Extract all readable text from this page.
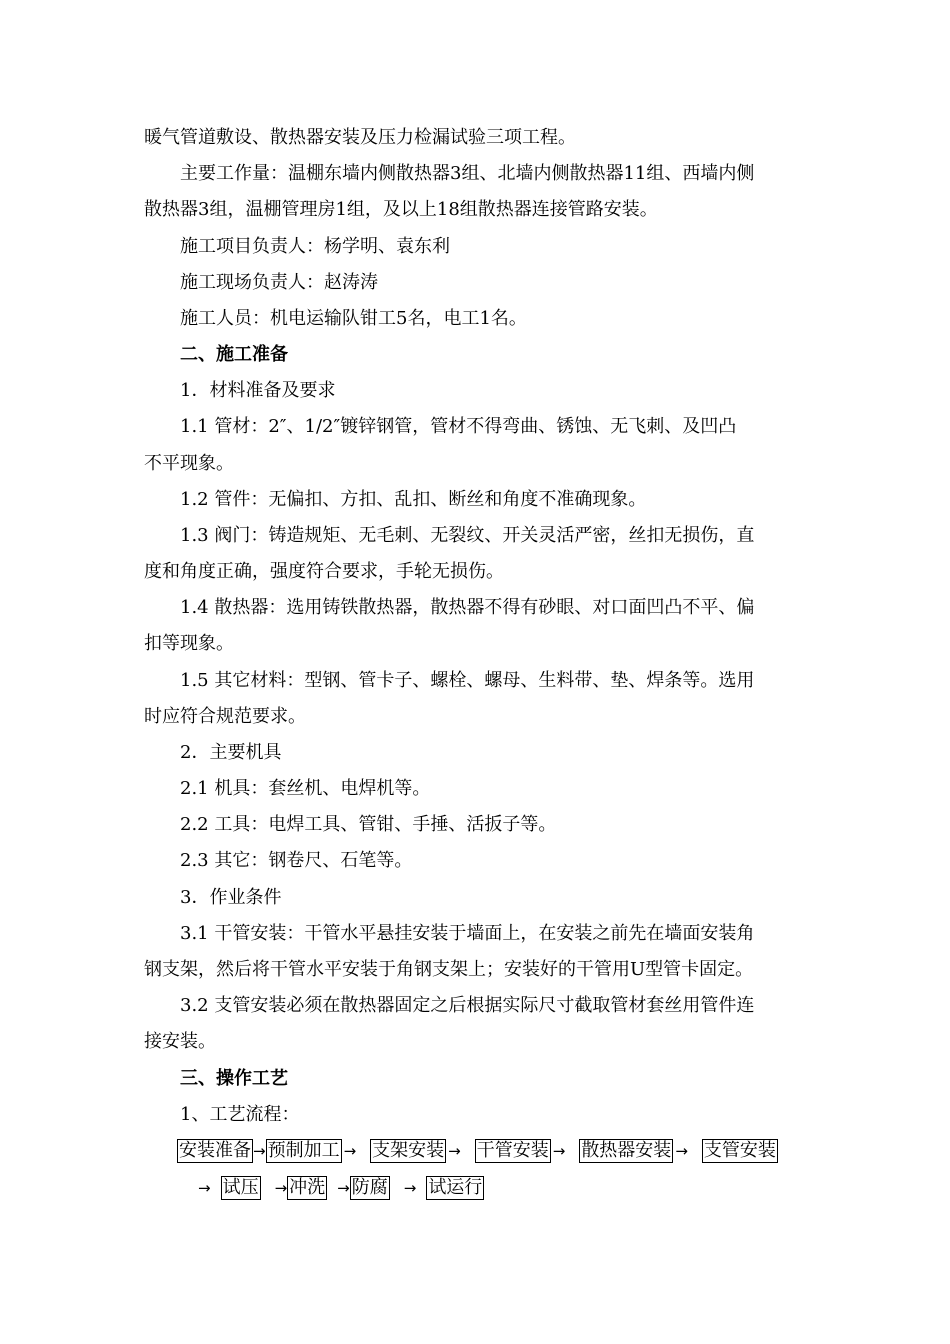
暖气管道敷设、散热器安装及压力检漏试验三项工程。
主要工作量：温棚东墙内侧散热器3组、北墙内侧散热器11组、西墙内侧
散热器3组，温棚管理房1组，及以上18组散热器连接管路安装。
施工项目负责人：杨学明、袁东利
施工现场负责人：赵涛涛
施工人员：机电运输队钳工5名，电工1名。
二、施工准备
1．材料准备及要求
1.1 管材：2″、1/2″镀锌钢管，管材不得弯曲、锈蚀、无飞刺、及凹凸
不平现象。
1.2 管件：无偏扣、方扣、乱扣、断丝和角度不准确现象。
1.3 阀门：铸造规矩、无毛刺、无裂纹、开关灵活严密，丝扣无损伤，直
度和角度正确，强度符合要求，手轮无损伤。
1.4 散热器：选用铸铁散热器，散热器不得有砂眼、对口面凹凸不平、偏
扣等现象。
1.5 其它材料：型钢、管卡子、螺栓、螺母、生料带、垫、焊条等。选用
时应符合规范要求。
2．主要机具
2.1 机具：套丝机、电焊机等。
2.2 工具：电焊工具、管钳、手捶、活扳子等。
2.3 其它：钢卷尺、石笔等。
3．作业条件
3.1 干管安装：干管水平悬挂安装于墙面上，在安装之前先在墙面安装角
钢支架，然后将干管水平安装于角钢支架上；安装好的干管用U型管卡固定。
3.2 支管安装必须在散热器固定之后根据实际尺寸截取管材套丝用管件连
接安装。
三、操作工艺
1、工艺流程：
安装准备 → 预制加工 → 支架安装 → 干管安装 → 散热器安装 → 支管安装
→ 试压 → 冲洗 → 防腐 → 试运行
